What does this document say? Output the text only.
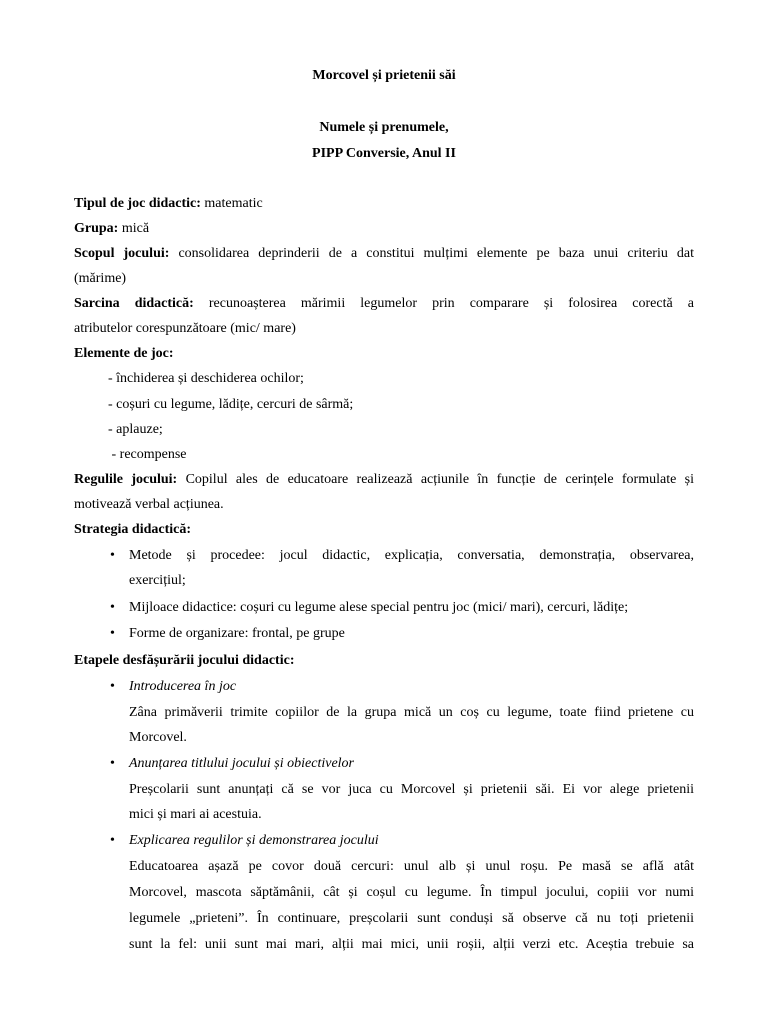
Morcovel și prietenii săi
Numele și prenumele,
PIPP Conversie, Anul II
Tipul de joc didactic: matematic
Grupa: mică
Scopul jocului: consolidarea deprinderii de a constitui mulțimi elemente pe baza unui criteriu dat
(mărime)
Sarcina didactică: recunoașterea mărimii legumelor prin comparare și folosirea corectă a
atributelor corespunzătoare (mic/ mare)
Elemente de joc:
- închiderea și deschiderea ochilor;
- coșuri cu legume, lădițe, cercuri de sârmă;
- aplauze;
- recompense
Regulile jocului: Copilul ales de educatoare realizează acțiunile în funcție de cerințele formulate și
motivează verbal acțiunea.
Strategia didactică:
• Metode și procedee: jocul didactic, explicația, conversatia, demonstrația, observarea,
exercițiul;
• Mijloace didactice: coșuri cu legume alese special pentru joc (mici/ mari), cercuri, lădițe;
• Forme de organizare: frontal, pe grupe
Etapele desfășurării jocului didactic:
• Introducerea în joc
Zâna primăverii trimite copiilor de la grupa mică un coș cu legume, toate fiind prietene cu
Morcovel.
• Anunțarea titlului jocului și obiectivelor
Preșcolarii sunt anunțați că se vor juca cu Morcovel și prietenii săi. Ei vor alege prietenii
mici și mari ai acestuia.
• Explicarea regulilor și demonstrarea jocului
Educatoarea așază pe covor două cercuri: unul alb și unul roșu. Pe masă se află atât
Morcovel, mascota săptămânii, cât și coșul cu legume. În timpul jocului, copiii vor numi
legumele „prieteni”. În continuare, preșcolarii sunt conduși să observe că nu toți prietenii
sunt la fel: unii sunt mai mari, alții mai mici, unii roșii, alții verzi etc. Aceștia trebuie sa
